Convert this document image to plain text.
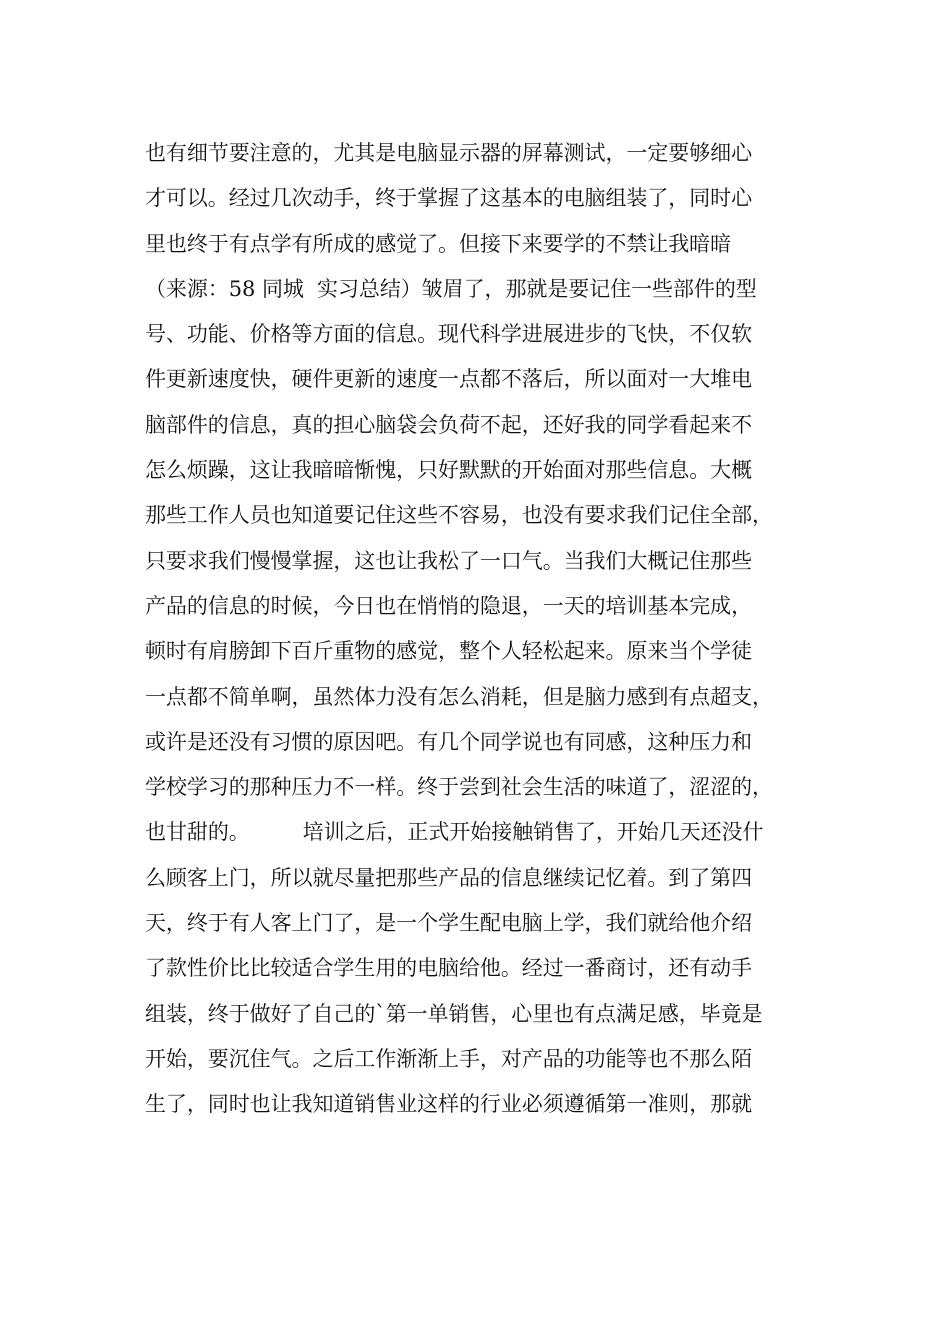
也有细节要注意的，尤其是电脑显示器的屏幕测试，一定要够细心
才可以。经过几次动手，终于掌握了这基本的电脑组装了，同时心
里也终于有点学有所成的感觉了。但接下来要学的不禁让我暗暗
（来源：58 同城  实习总结）皱眉了，那就是要记住一些部件的型
号、功能、价格等方面的信息。现代科学进展进步的飞快，不仅软
件更新速度快，硬件更新的速度一点都不落后，所以面对一大堆电
脑部件的信息，真的担心脑袋会负荷不起，还好我的同学看起来不
怎么烦躁，这让我暗暗惭愧，只好默默的开始面对那些信息。大概
那些工作人员也知道要记住这些不容易，也没有要求我们记住全部，
只要求我们慢慢掌握，这也让我松了一口气。当我们大概记住那些
产品的信息的时候，今日也在悄悄的隐退，一天的培训基本完成，
顿时有肩膀卸下百斤重物的感觉，整个人轻松起来。原来当个学徒
一点都不简单啊，虽然体力没有怎么消耗，但是脑力感到有点超支，
或许是还没有习惯的原因吧。有几个同学说也有同感，这种压力和
学校学习的那种压力不一样。终于尝到社会生活的味道了，涩涩的，
也甘甜的。        培训之后，正式开始接触销售了，开始几天还没什
么顾客上门，所以就尽量把那些产品的信息继续记忆着。到了第四
天，终于有人客上门了，是一个学生配电脑上学，我们就给他介绍
了款性价比比较适合学生用的电脑给他。经过一番商讨，还有动手
组装，终于做好了自己的`第一单销售，心里也有点满足感，毕竟是
开始，要沉住气。之后工作渐渐上手，对产品的功能等也不那么陌
生了，同时也让我知道销售业这样的行业必须遵循第一准则，那就
